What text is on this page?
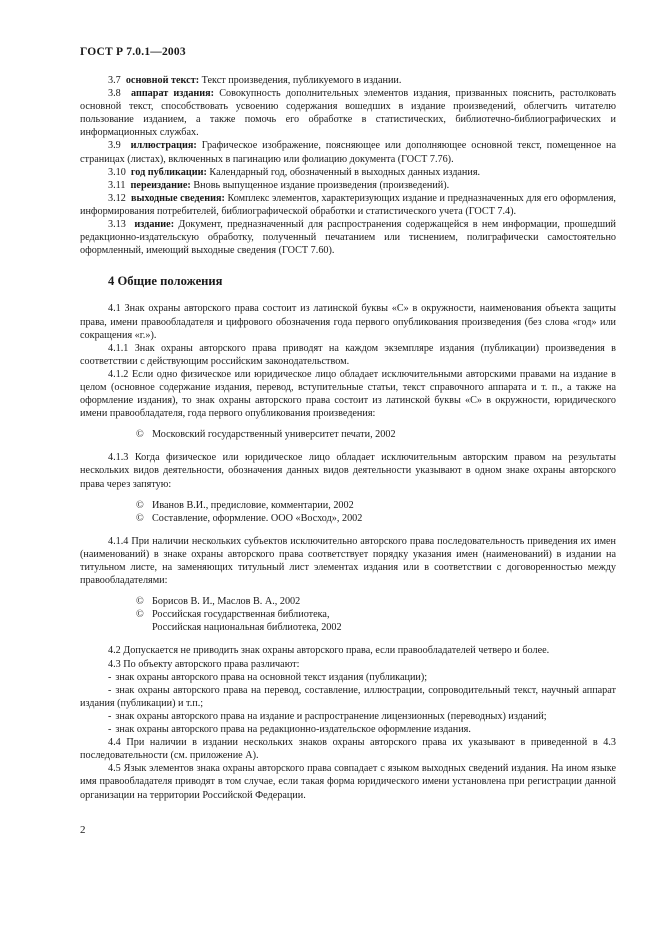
ГОСТ Р 7.0.1—2003

3.7 основной текст: Текст произведения, публикуемого в издании.

3.8 аппарат издания: Совокупность дополнительных элементов издания, призванных пояснить, растолковать основной текст, способствовать усвоению содержания вошедших в издание произведений, облегчить читателю пользование изданием, а также помочь его обработке в статистических, библиотечно-библиографических и информационных службах.

3.9 иллюстрация: Графическое изображение, поясняющее или дополняющее основной текст, помещенное на страницах (листах), включенных в пагинацию или фолиацию документа (ГОСТ 7.76).

3.10 год публикации: Календарный год, обозначенный в выходных данных издания.

3.11 переиздание: Вновь выпущенное издание произведения (произведений).

3.12 выходные сведения: Комплекс элементов, характеризующих издание и предназначенных для его оформления, информирования потребителей, библиографической обработки и статистического учета (ГОСТ 7.4).

3.13 издание: Документ, предназначенный для распространения содержащейся в нем информации, прошедший редакционно-издательскую обработку, полученный печатанием или тиснением, полиграфически самостоятельно оформленный, имеющий выходные сведения (ГОСТ 7.60).

4 Общие положения

4.1 Знак охраны авторского права состоит из латинской буквы «С» в окружности, наименования объекта защиты права, имени правообладателя и цифрового обозначения года первого опубликования произведения (без слова «год» или сокращения «г.»).

4.1.1 Знак охраны авторского права приводят на каждом экземпляре издания (публикации) произведения в соответствии с действующим российским законодательством.

4.1.2 Если одно физическое или юридическое лицо обладает исключительными авторскими правами на издание в целом (основное содержание издания, перевод, вступительные статьи, текст справочного аппарата и т. п., а также на оформление издания), то знак охраны авторского права состоит из латинской буквы «С» в окружности, юридического имени правообладателя, года первого опубликования произведения:

© Московский государственный университет печати, 2002

4.1.3 Когда физическое или юридическое лицо обладает исключительным авторским правом на результаты нескольких видов деятельности, обозначения данных видов деятельности указывают в одном знаке охраны авторского права через запятую:

© Иванов В.И., предисловие, комментарии, 2002
© Составление, оформление. ООО «Восход», 2002

4.1.4 При наличии нескольких субъектов исключительно авторского права последовательность приведения их имен (наименований) в знаке охраны авторского права соответствует порядку указания имен (наименований) в издании на титульном листе, на заменяющих титульный лист элементах издания или в соответствии с договоренностью между правообладателями:

© Борисов В. И., Маслов В. А., 2002
© Российская государственная библиотека,
Российская национальная библиотека, 2002

4.2 Допускается не приводить знак охраны авторского права, если правообладателей четверо и более.

4.3 По объекту авторского права различают:

- знак охраны авторского права на основной текст издания (публикации);

- знак охраны авторского права на перевод, составление, иллюстрации, сопроводительный текст, научный аппарат издания (публикации) и т.п.;

- знак охраны авторского права на издание и распространение лицензионных (переводных) изданий;

- знак охраны авторского права на редакционно-издательское оформление издания.

4.4 При наличии в издании нескольких знаков охраны авторского права их указывают в приведенной в 4.3 последовательности (см. приложение А).

4.5 Язык элементов знака охраны авторского права совпадает с языком выходных сведений издания. На ином языке имя правообладателя приводят в том случае, если такая форма юридического имени установлена при регистрации данной организации на территории Российской Федерации.

2
